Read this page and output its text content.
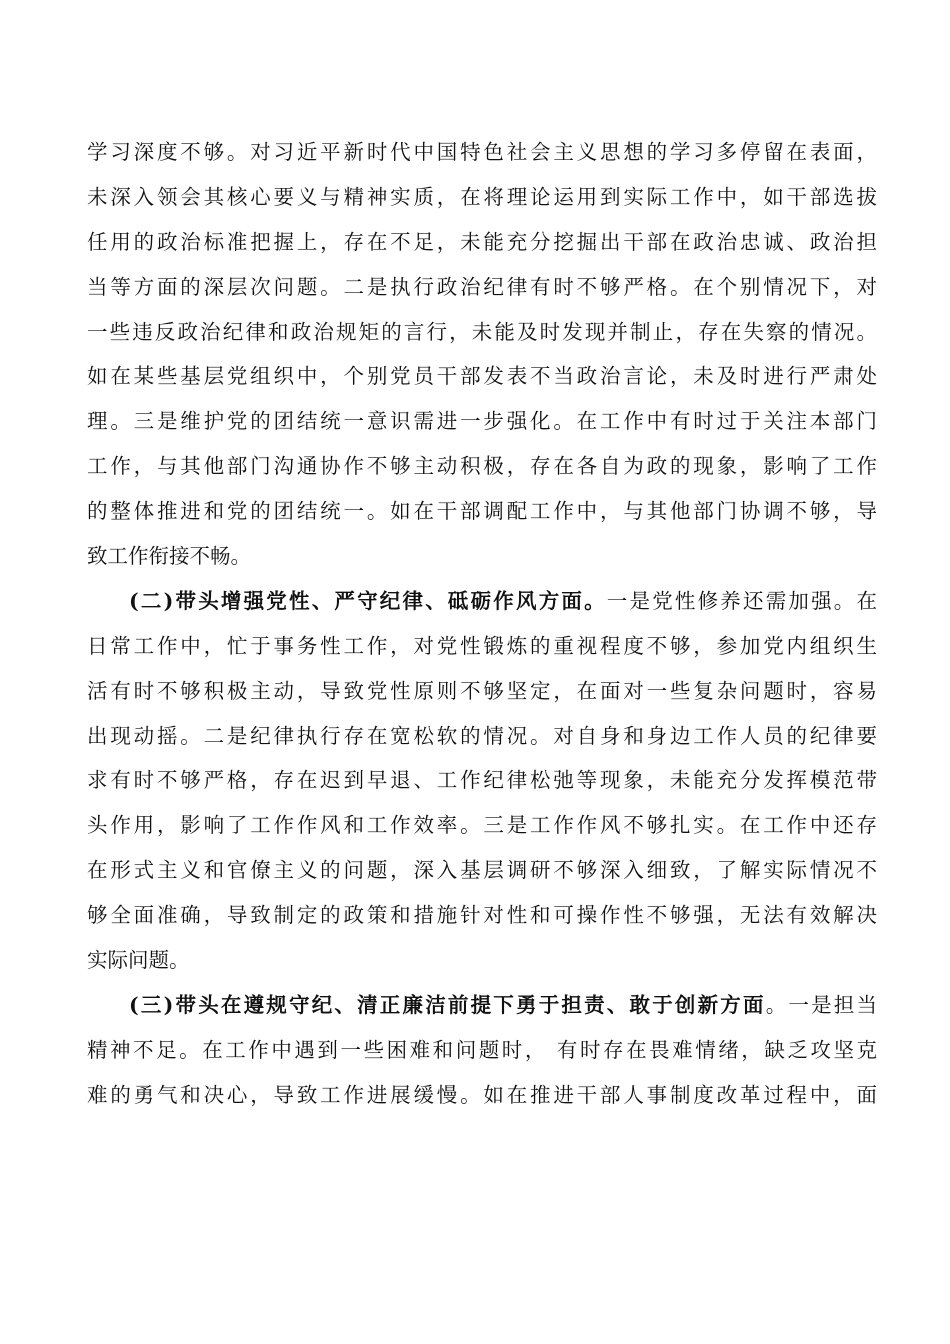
学习深度不够。对习近平新时代中国特色社会主义思想的学习多停留在表面，
未深入领会其核心要义与精神实质，在将理论运用到实际工作中，如干部选拔
任用的政治标准把握上，存在不足，未能充分挖掘出干部在政治忠诚、政治担
当等方面的深层次问题。二是执行政治纪律有时不够严格。在个别情况下，对
一些违反政治纪律和政治规矩的言行，未能及时发现并制止，存在失察的情况。
如在某些基层党组织中，个别党员干部发表不当政治言论，未及时进行严肃处
理。三是维护党的团结统一意识需进一步强化。在工作中有时过于关注本部门
工作，与其他部门沟通协作不够主动积极，存在各自为政的现象，影响了工作
的整体推进和党的团结统一。如在干部调配工作中，与其他部门协调不够，导
致工作衔接不畅。
(二)带头增强党性、严守纪律、砥砺作风方面。一是党性修养还需加强。在
日常工作中，忙于事务性工作，对党性锻炼的重视程度不够，参加党内组织生
活有时不够积极主动，导致党性原则不够坚定，在面对一些复杂问题时，容易
出现动摇。二是纪律执行存在宽松软的情况。对自身和身边工作人员的纪律要
求有时不够严格，存在迟到早退、工作纪律松弛等现象，未能充分发挥模范带
头作用，影响了工作作风和工作效率。三是工作作风不够扎实。在工作中还存
在形式主义和官僚主义的问题，深入基层调研不够深入细致，了解实际情况不
够全面准确，导致制定的政策和措施针对性和可操作性不够强，无法有效解决
实际问题。
(三)带头在遵规守纪、清正廉洁前提下勇于担责、敢于创新方面。一是担当
精神不足。在工作中遇到一些困难和问题时， 有时存在畏难情绪，缺乏攻坚克
难的勇气和决心，导致工作进展缓慢。如在推进干部人事制度改革过程中，面
